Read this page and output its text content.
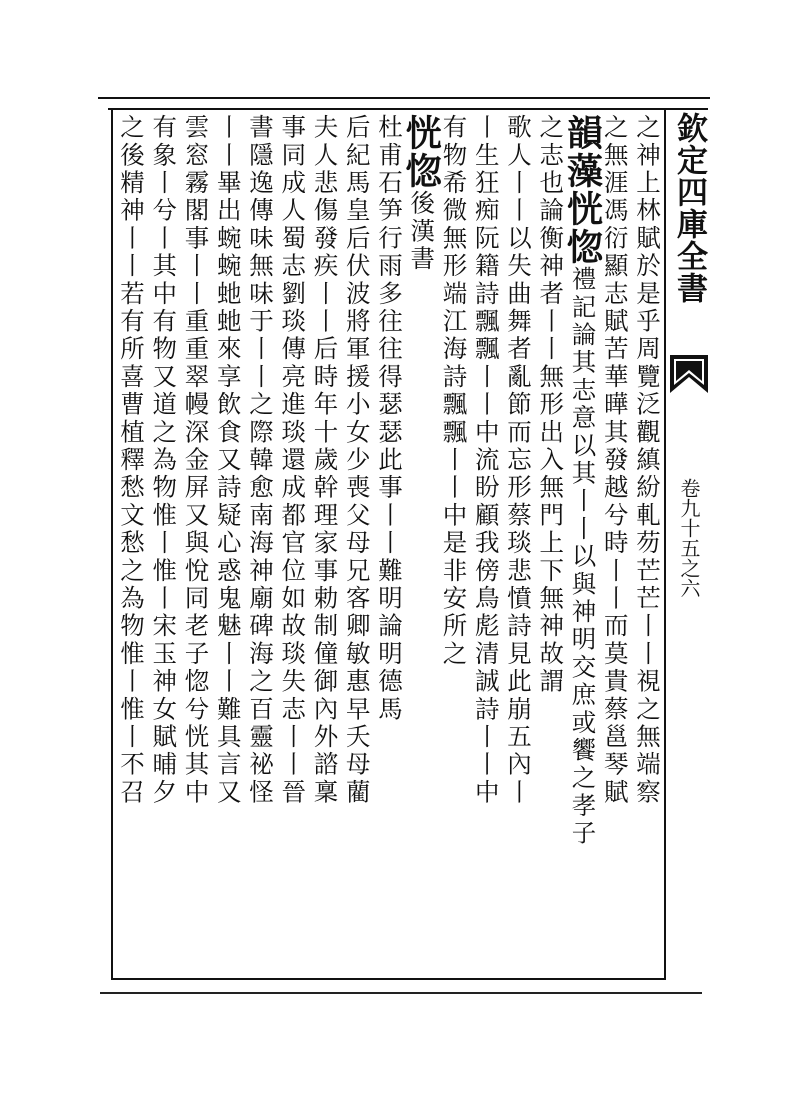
欽定四庫全書
卷九十五之六
之神上林賦於是乎周覽泛觀縝紛軋芴芒芒丨丨視之無端察
之無涯馮衍顯志賦苦華曄其發越兮時丨丨而莫貴蔡邕琴賦
韻藻恍惚禮記論其志意以其丨丨以與神明交庶或饗之孝子
之志也論衡神者丨丨無形出入無門上下無神故謂
歌人丨丨以失曲舞者亂節而忘形蔡琰悲憤詩見此崩五內丨
丨生狂痴阮籍詩飄飄丨丨中流盼顧我傍鳥彪清誠詩丨丨中
有物希微無形端江海詩飄飄丨丨中是非安所之
恍惚後漢書
杜甫石笋行雨多往往得瑟瑟此事丨丨難明論明德馬
后紀馬皇后伏波將軍援小女少喪父母兄客卿敏惠早夭母藺
夫人悲傷發疾丨丨后時年十歲幹理家事勅制僮御內外諮稟
事同成人蜀志劉琰傳亮進琰還成都官位如故琰失志丨丨晉
書隱逸傳味無味于丨丨之際韓愈南海神廟碑海之百靈祕怪
丨丨畢出蜿蜿虵虵來享飲食又詩疑心惑鬼魅丨丨難具言又
雲窓霧閣事丨丨重重翠幔深金屏又與悅同老子惚兮恍其中
有象丨兮丨其中有物又道之為物惟丨惟丨宋玉神女賦晡夕
之後精神丨丨若有所喜曹植釋愁文愁之為物惟丨惟丨不召
